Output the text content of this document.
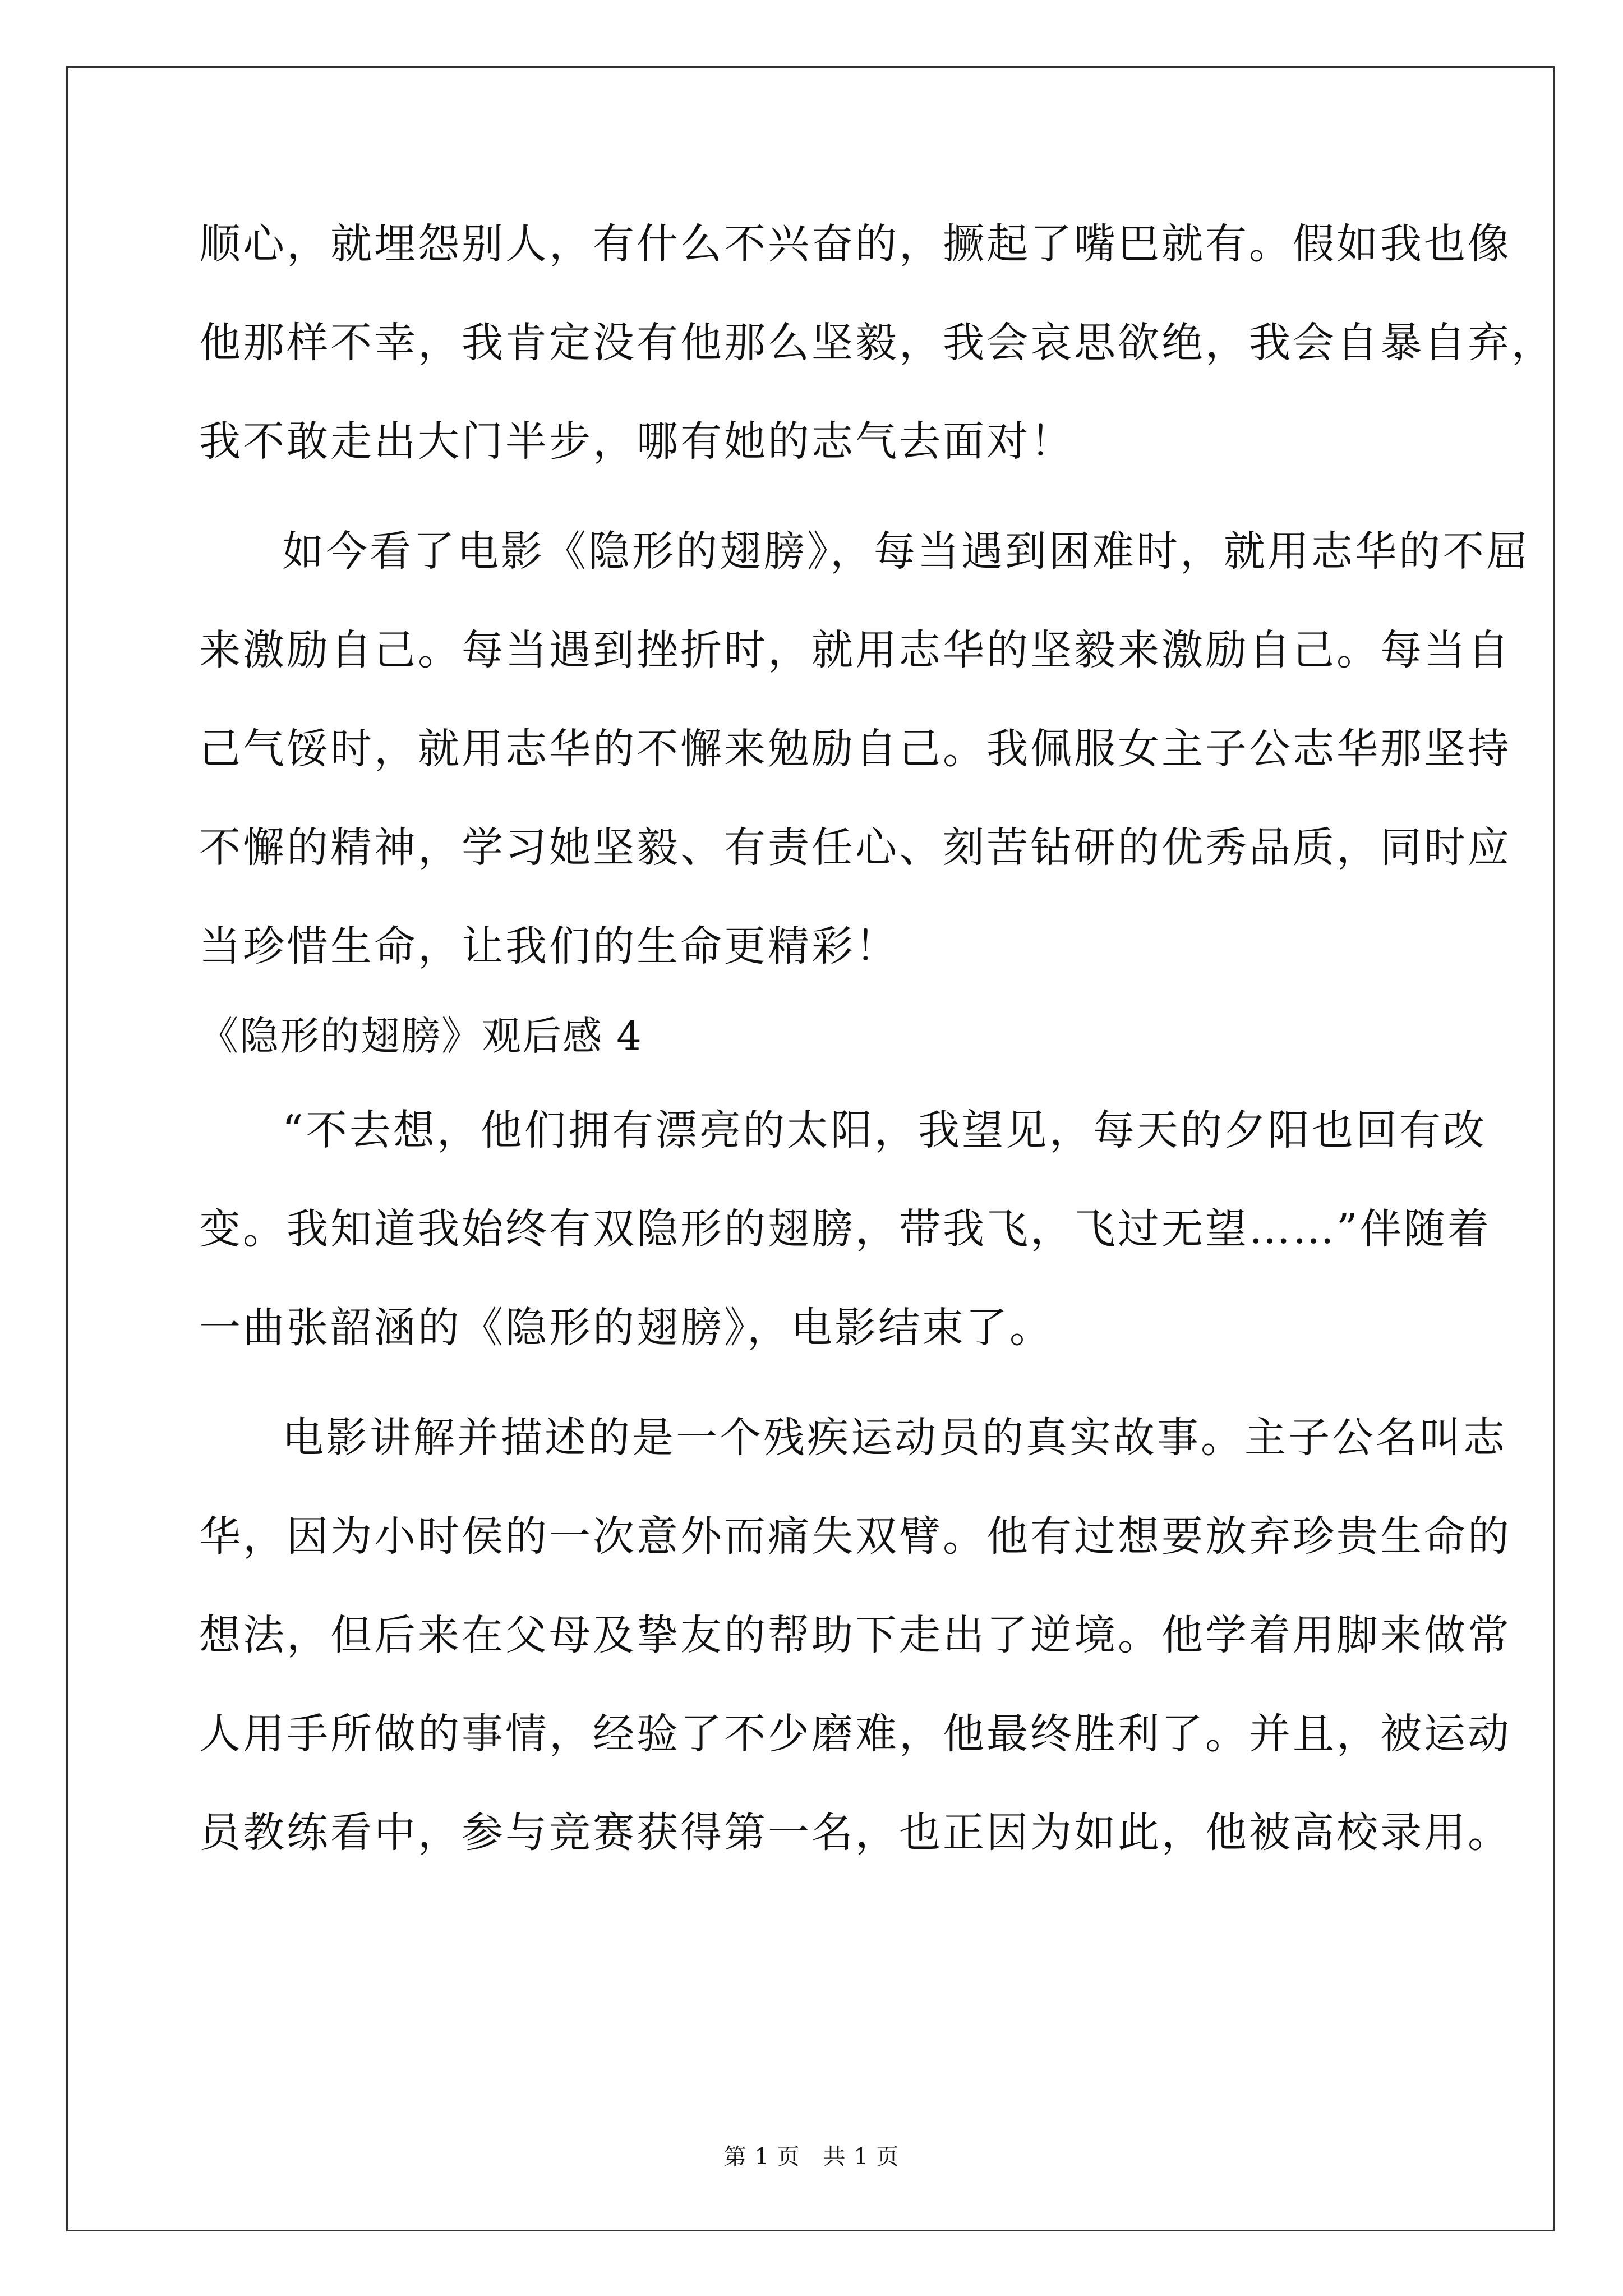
顺心，就埋怨别人，有什么不兴奋的，撅起了嘴巴就有。假如我也像
他那样不幸，我肯定没有他那么坚毅，我会哀思欲绝，我会自暴自弃，
我不敢走出大门半步，哪有她的志气去面对！
如今看了电影《隐形的翅膀》，每当遇到困难时，就用志华的不屈
来激励自己。每当遇到挫折时，就用志华的坚毅来激励自己。每当自
己气馁时，就用志华的不懈来勉励自己。我佩服女主子公志华那坚持
不懈的精神，学习她坚毅、有责任心、刻苦钻研的优秀品质，同时应
当珍惜生命，让我们的生命更精彩！
《隐形的翅膀》观后感 4
“不去想，他们拥有漂亮的太阳，我望见，每天的夕阳也回有改
变。我知道我始终有双隐形的翅膀，带我飞，飞过无望……”伴随着
一曲张韶涵的《隐形的翅膀》，电影结束了。
电影讲解并描述的是一个残疾运动员的真实故事。主子公名叫志
华，因为小时侯的一次意外而痛失双臂。他有过想要放弃珍贵生命的
想法，但后来在父母及挚友的帮助下走出了逆境。他学着用脚来做常
人用手所做的事情，经验了不少磨难，他最终胜利了。并且，被运动
员教练看中，参与竞赛获得第一名，也正因为如此，他被高校录用。
第 1 页　共 1 页
